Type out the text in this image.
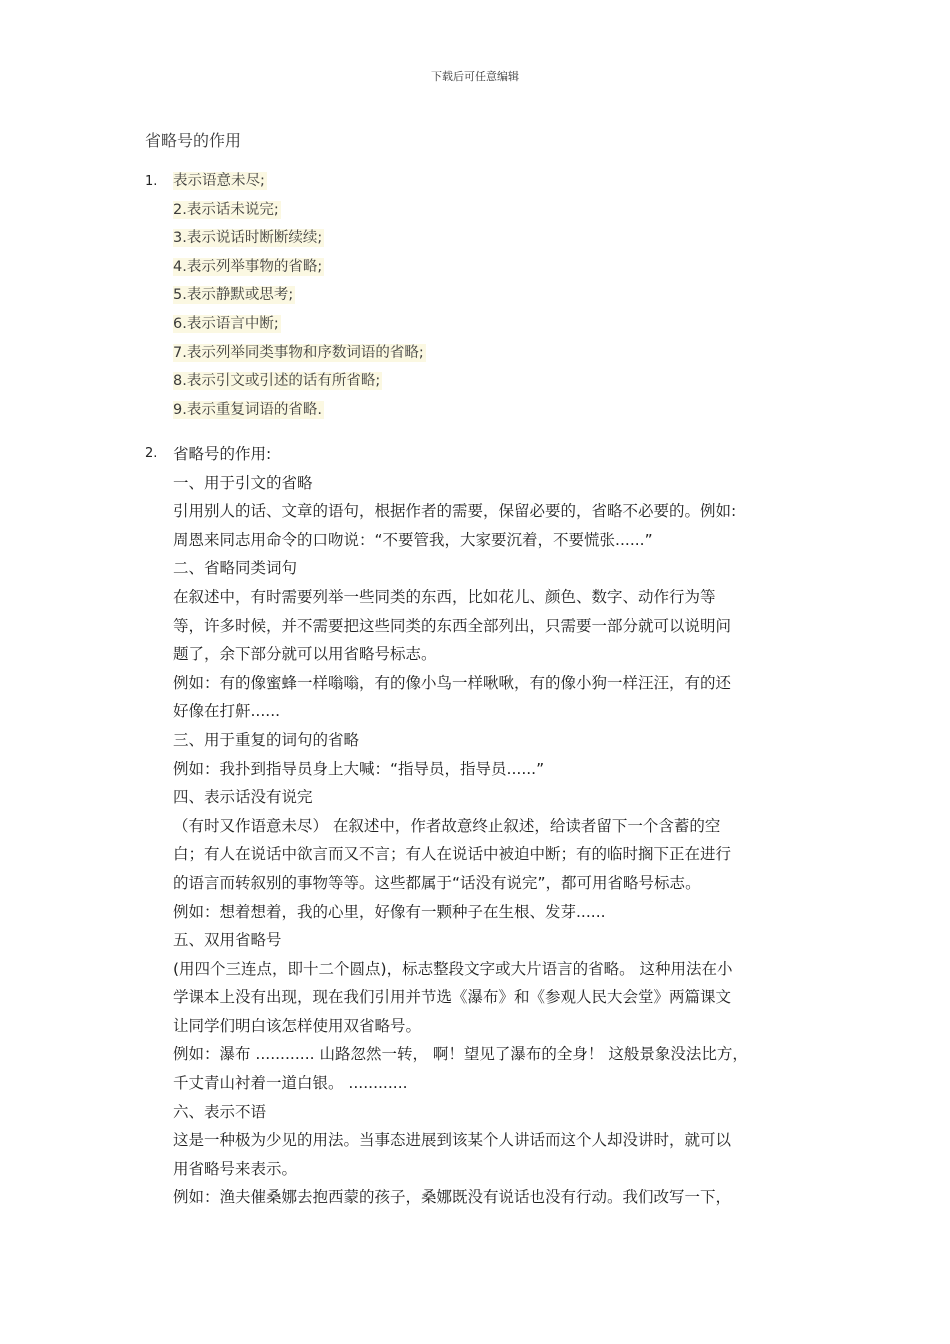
下载后可任意编辑
省略号的作用
1. 表示语意未尽;
2.表示话未说完;
3.表示说话时断断续续;
4.表示列举事物的省略;
5.表示静默或思考;
6.表示语言中断;
7.表示列举同类事物和序数词语的省略;
8.表示引文或引述的话有所省略;
9.表示重复词语的省略.
2. 省略号的作用:
一、用于引文的省略
引用别人的话、文章的语句，根据作者的需要，保留必要的，省略不必要的。例如:
周恩来同志用命令的口吻说：“不要管我，大家要沉着，不要慌张......”
二、省略同类词句
在叙述中，有时需要列举一些同类的东西，比如花儿、颜色、数字、动作行为等
等，许多时候，并不需要把这些同类的东西全部列出，只需要一部分就可以说明问
题了，余下部分就可以用省略号标志。
例如：有的像蜜蜂一样嗡嗡，有的像小鸟一样啾啾，有的像小狗一样汪汪，有的还
好像在打鼾......
三、用于重复的词句的省略
例如：我扑到指导员身上大喊：“指导员，指导员......”
四、表示话没有说完
（有时又作语意未尽） 在叙述中，作者故意终止叙述，给读者留下一个含蓄的空
白；有人在说话中欲言而又不言；有人在说话中被迫中断；有的临时搁下正在进行
的语言而转叙别的事物等等。这些都属于“话没有说完”，都可用省略号标志。
例如：想着想着，我的心里，好像有一颗种子在生根、发芽......
五、双用省略号
(用四个三连点，即十二个圆点)，标志整段文字或大片语言的省略。 这种用法在小
学课本上没有出现，现在我们引用并节选《瀑布》和《参观人民大会堂》两篇课文
让同学们明白该怎样使用双省略号。
例如：瀑布 ............ 山路忽然一转， 啊！望见了瀑布的全身！ 这般景象没法比方，
千丈青山衬着一道白银。 ............
六、表示不语
这是一种极为少见的用法。当事态进展到该某个人讲话而这个人却没讲时，就可以
用省略号来表示。
例如：渔夫催桑娜去抱西蒙的孩子，桑娜既没有说话也没有行动。我们改写一下，
